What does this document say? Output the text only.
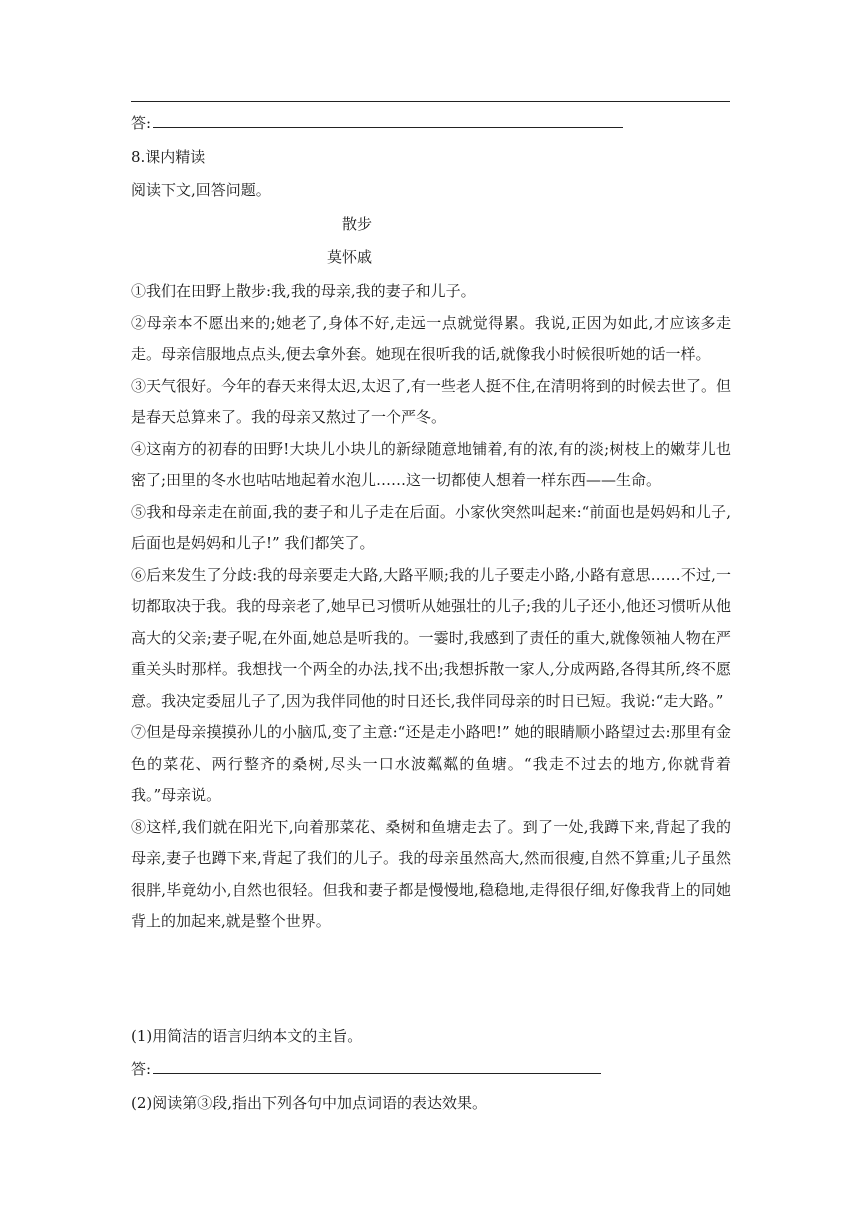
答:
8.课内精读
阅读下文,回答问题。
散步
莫怀戚

①我们在田野上散步:我,我的母亲,我的妻子和儿子。

②母亲本不愿出来的;她老了,身体不好,走远一点就觉得累。我说,正因为如此,才应该多走走。母亲信服地点点头,便去拿外套。她现在很听我的话,就像我小时候很听她的话一样。

③天气很好。今年的春天来得太迟,太迟了,有一些老人挺不住,在清明将到的时候去世了。但是春天总算来了。我的母亲又熬过了一个严冬。

④这南方的初春的田野!大块儿小块儿的新绿随意地铺着,有的浓,有的淡;树枝上的嫩芽儿也密了;田里的冬水也咕咕地起着水泡儿……这一切都使人想着一样东西——生命。

⑤我和母亲走在前面,我的妻子和儿子走在后面。小家伙突然叫起来:“前面也是妈妈和儿子,后面也是妈妈和儿子!” 我们都笑了。

⑥后来发生了分歧:我的母亲要走大路,大路平顺;我的儿子要走小路,小路有意思……不过,一切都取决于我。我的母亲老了,她早已习惯听从她强壮的儿子;我的儿子还小,他还习惯听从他高大的父亲;妻子呢,在外面,她总是听我的。一霎时,我感到了责任的重大,就像领袖人物在严重关头时那样。我想找一个两全的办法,找不出;我想拆散一家人,分成两路,各得其所,终不愿意。我决定委屈儿子了,因为我伴同他的时日还长,我伴同母亲的时日已短。我说:“走大路。”

⑦但是母亲摸摸孙儿的小脑瓜,变了主意:“还是走小路吧!” 她的眼睛顺小路望过去:那里有金色的菜花、两行整齐的桑树,尽头一口水波粼粼的鱼塘。“我走不过去的地方,你就背着我。”母亲说。

⑧这样,我们就在阳光下,向着那菜花、桑树和鱼塘走去了。到了一处,我蹲下来,背起了我的母亲,妻子也蹲下来,背起了我们的儿子。我的母亲虽然高大,然而很瘦,自然不算重;儿子虽然很胖,毕竟幼小,自然也很轻。但我和妻子都是慢慢地,稳稳地,走得很仔细,好像我背上的同她背上的加起来,就是整个世界。

(1)用简洁的语言归纳本文的主旨。
答:
(2)阅读第③段,指出下列各句中加点词语的表达效果。
